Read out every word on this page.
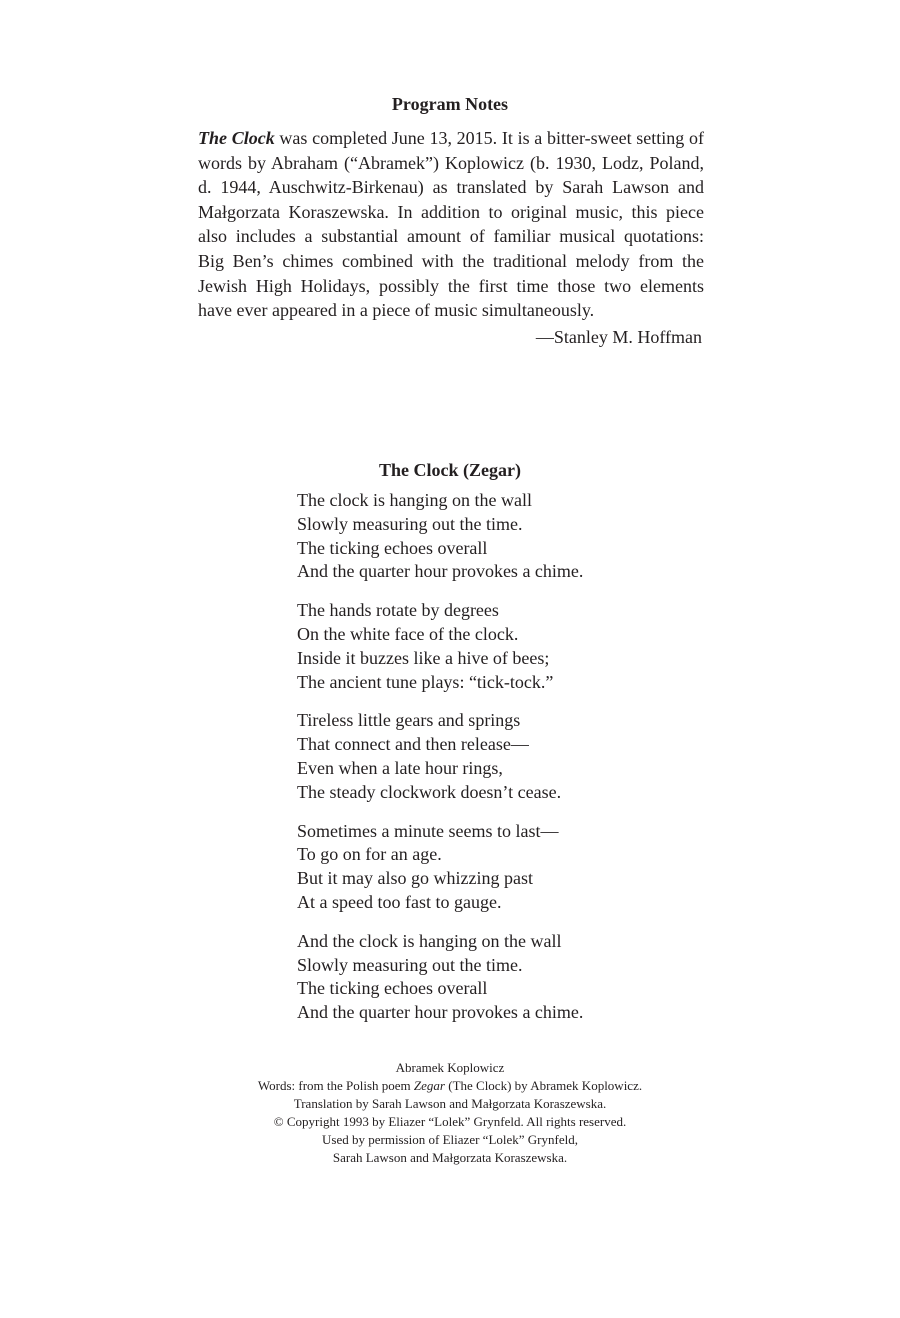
Program Notes
The Clock was completed June 13, 2015. It is a bitter-sweet setting of
words by Abraham (“Abramek”) Koplowicz (b. 1930, Lodz, Poland,
d. 1944, Auschwitz-Birkenau) as translated by Sarah Lawson and
Małgorzata Koraszewska. In addition to original music, this piece
also includes a substantial amount of familiar musical quotations:
Big Ben’s chimes combined with the traditional melody from the
Jewish High Holidays, possibly the first time those two elements
have ever appeared in a piece of music simultaneously.
—Stanley M. Hoffman
The Clock (Zegar)
The clock is hanging on the wall
Slowly measuring out the time.
The ticking echoes overall
And the quarter hour provokes a chime.
The hands rotate by degrees
On the white face of the clock.
Inside it buzzes like a hive of bees;
The ancient tune plays: “tick-tock.”
Tireless little gears and springs
That connect and then release—
Even when a late hour rings,
The steady clockwork doesn’t cease.
Sometimes a minute seems to last—
To go on for an age.
But it may also go whizzing past
At a speed too fast to gauge.
And the clock is hanging on the wall
Slowly measuring out the time.
The ticking echoes overall
And the quarter hour provokes a chime.
Abramek Koplowicz
Words: from the Polish poem Zegar (The Clock) by Abramek Koplowicz.
Translation by Sarah Lawson and Małgorzata Koraszewska.
© Copyright 1993 by Eliazer “Lolek” Grynfeld. All rights reserved.
Used by permission of Eliazer “Lolek” Grynfeld,
Sarah Lawson and Małgorzata Koraszewska.
